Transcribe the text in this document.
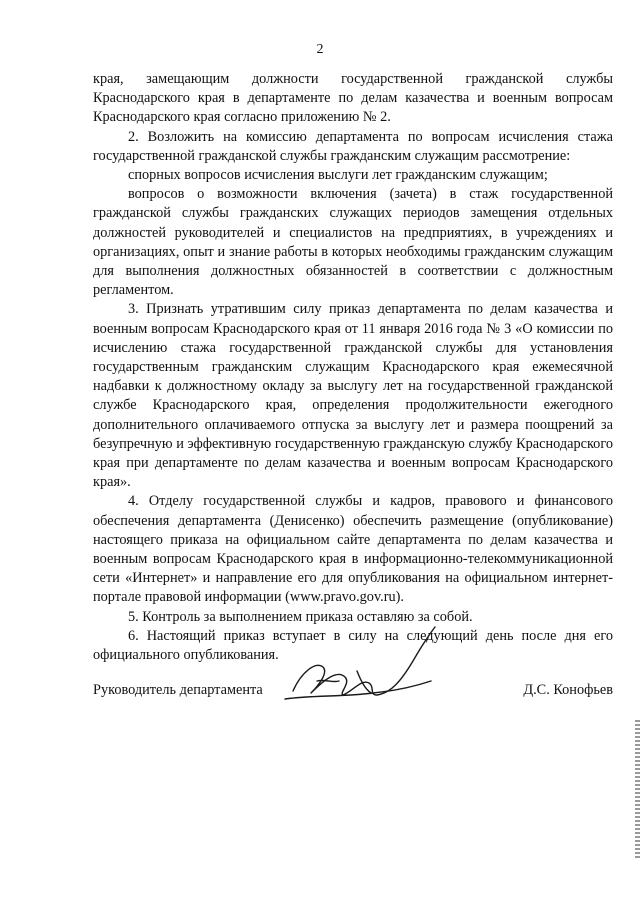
2

края, замещающим должности государственной гражданской службы Краснодарского края в департаменте по делам казачества и военным вопросам Краснодарского края согласно приложению № 2.

2. Возложить на комиссию департамента по вопросам исчисления стажа государственной гражданской службы гражданским служащим рассмотрение:

спорных вопросов исчисления выслуги лет гражданским служащим;

вопросов о возможности включения (зачета) в стаж государственной гражданской службы гражданских служащих периодов замещения отдельных должностей руководителей и специалистов на предприятиях, в учреждениях и организациях, опыт и знание работы в которых необходимы гражданским служащим для выполнения должностных обязанностей в соответствии с должностным регламентом.

3. Признать утратившим силу приказ департамента по делам казачества и военным вопросам Краснодарского края от 11 января 2016 года № 3 «О комиссии по исчислению стажа государственной гражданской службы для установления государственным гражданским служащим Краснодарского края ежемесячной надбавки к должностному окладу за выслугу лет на государственной гражданской службе Краснодарского края, определения продолжительности ежегодного дополнительного оплачиваемого отпуска за выслугу лет и размера поощрений за безупречную и эффективную государственную гражданскую службу Краснодарского края при департаменте по делам казачества и военным вопросам Краснодарского края».

4. Отделу государственной службы и кадров, правового и финансового обеспечения департамента (Денисенко) обеспечить размещение (опубликование) настоящего приказа на официальном сайте департамента по делам казачества и военным вопросам Краснодарского края в информационно-телекоммуникационной сети «Интернет» и направление его для опубликования на официальном интернет-портале правовой информации (www.pravo.gov.ru).

5. Контроль за выполнением приказа оставляю за собой.

6. Настоящий приказ вступает в силу на следующий день после дня его официального опубликования.

Руководитель департамента	Д.С. Конофьев
